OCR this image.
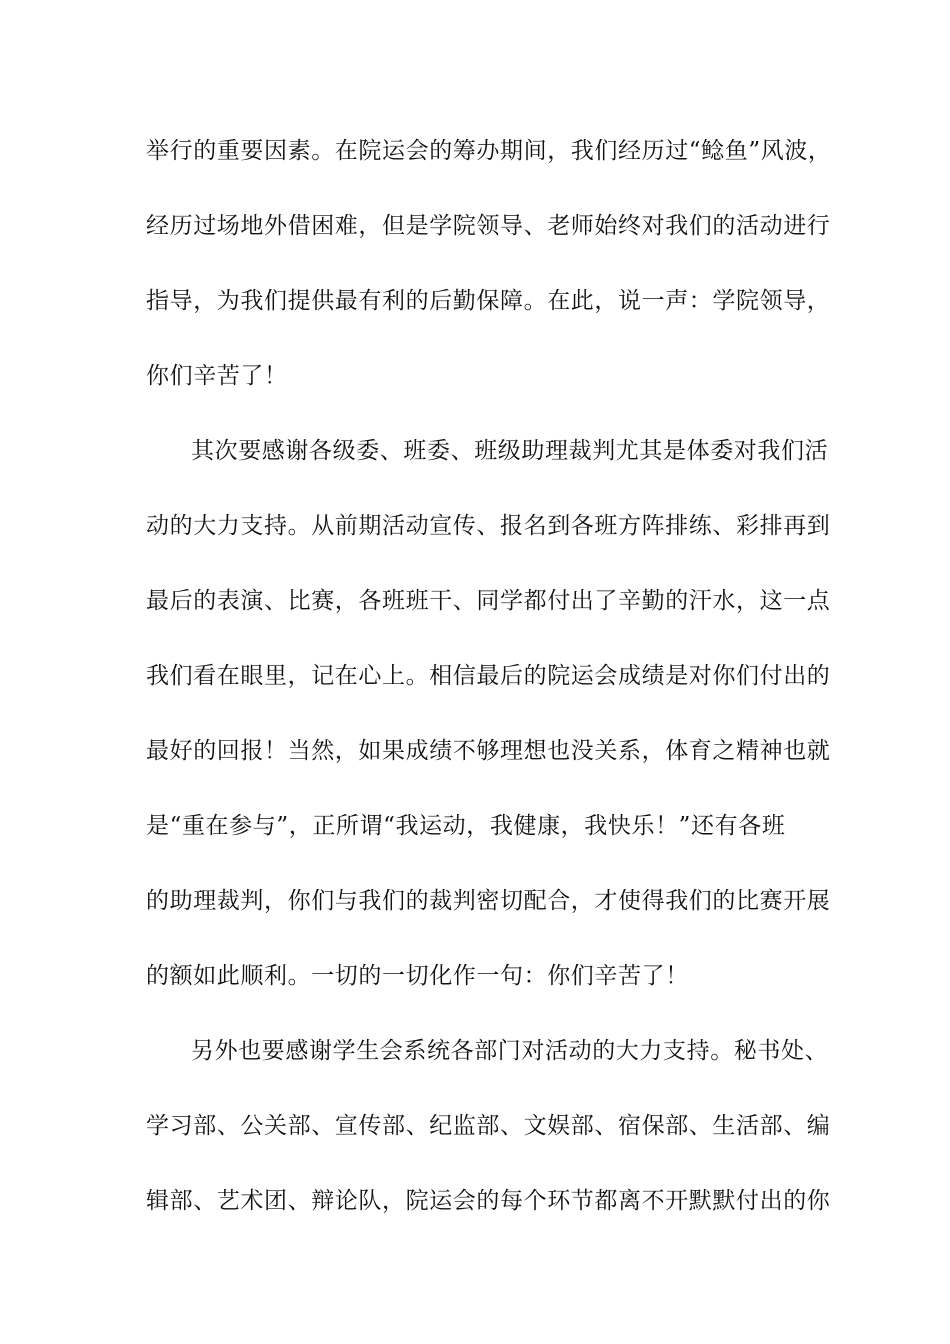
举行的重要因素。在院运会的筹办期间，我们经历过“鲶鱼”风波，
经历过场地外借困难，但是学院领导、老师始终对我们的活动进行
指导，为我们提供最有利的后勤保障。在此，说一声：学院领导，
你们辛苦了！
其次要感谢各级委、班委、班级助理裁判尤其是体委对我们活
动的大力支持。从前期活动宣传、报名到各班方阵排练、彩排再到
最后的表演、比赛，各班班干、同学都付出了辛勤的汗水，这一点
我们看在眼里，记在心上。相信最后的院运会成绩是对你们付出的
最好的回报！当然，如果成绩不够理想也没关系，体育之精神也就
是“重在参与”，正所谓“我运动，我健康，我快乐！”还有各班
的助理裁判，你们与我们的裁判密切配合，才使得我们的比赛开展
的额如此顺利。一切的一切化作一句：你们辛苦了！
另外也要感谢学生会系统各部门对活动的大力支持。秘书处、
学习部、公关部、宣传部、纪监部、文娱部、宿保部、生活部、编
辑部、艺术团、辩论队，院运会的每个环节都离不开默默付出的你
